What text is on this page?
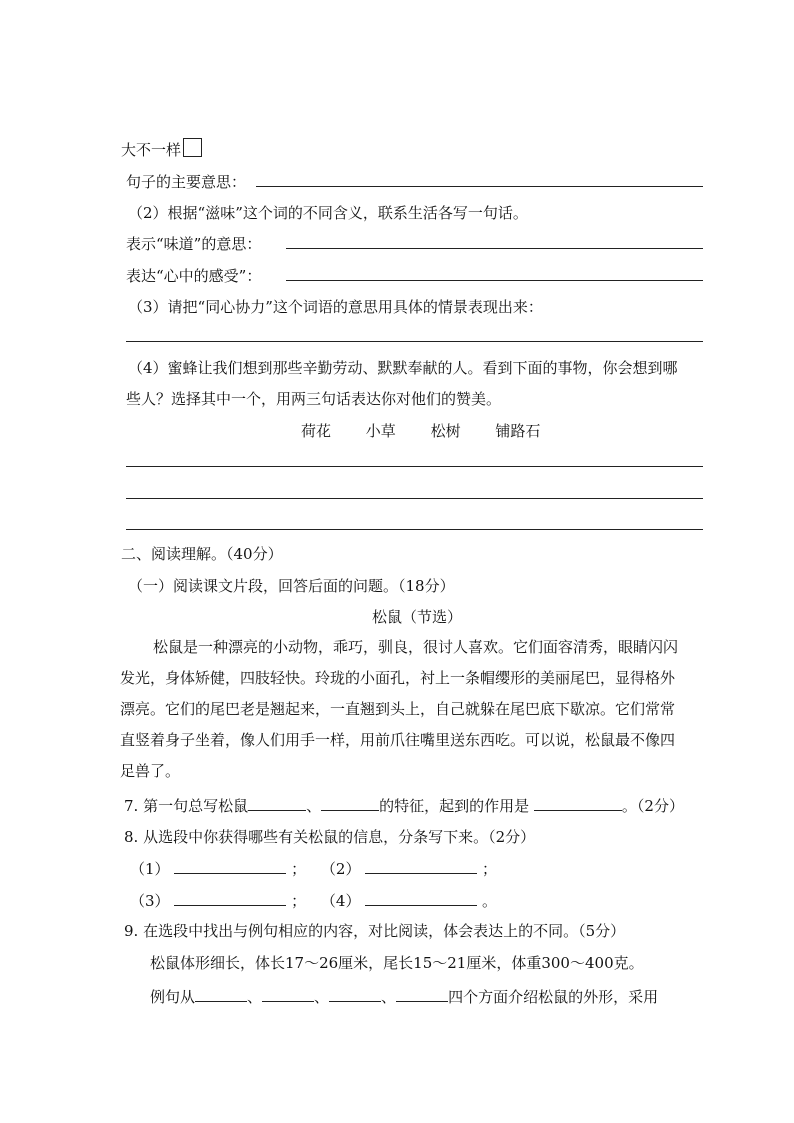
大不一样
句子的主要意思：
（2）根据“滋味”这个词的不同含义，联系生活各写一句话。
表示“味道”的意思：
表达“心中的感受”：
（3）请把“同心协力”这个词语的意思用具体的情景表现出来：
（4）蜜蜂让我们想到那些辛勤劳动、默默奉献的人。看到下面的事物，你会想到哪
些人？选择其中一个，用两三句话表达你对他们的赞美。
荷花 小草 松树 铺路石
二、阅读理解。（40分）
（一）阅读课文片段，回答后面的问题。（18分）
松鼠（节选）
松鼠是一种漂亮的小动物，乖巧，驯良，很讨人喜欢。它们面容清秀，眼睛闪闪
发光，身体矫健，四肢轻快。玲珑的小面孔，衬上一条帽缨形的美丽尾巴，显得格外
漂亮。它们的尾巴老是翘起来，一直翘到头上，自己就躲在尾巴底下歇凉。它们常常
直竖着身子坐着，像人们用手一样，用前爪往嘴里送东西吃。可以说，松鼠最不像四
足兽了。
7. 第一句总写松鼠	、	的特征，起到的作用是	。（2分）
8. 从选段中你获得哪些有关松鼠的信息，分条写下来。（2分）
（1）	； （2）	；
（3）	； （4）	。
9. 在选段中找出与例句相应的内容，对比阅读，体会表达上的不同。（5分）
松鼠体形细长，体长17～26厘米，尾长15～21厘米，体重300～400克。
例句从	、	、	、	四个方面介绍松鼠的外形，采用
